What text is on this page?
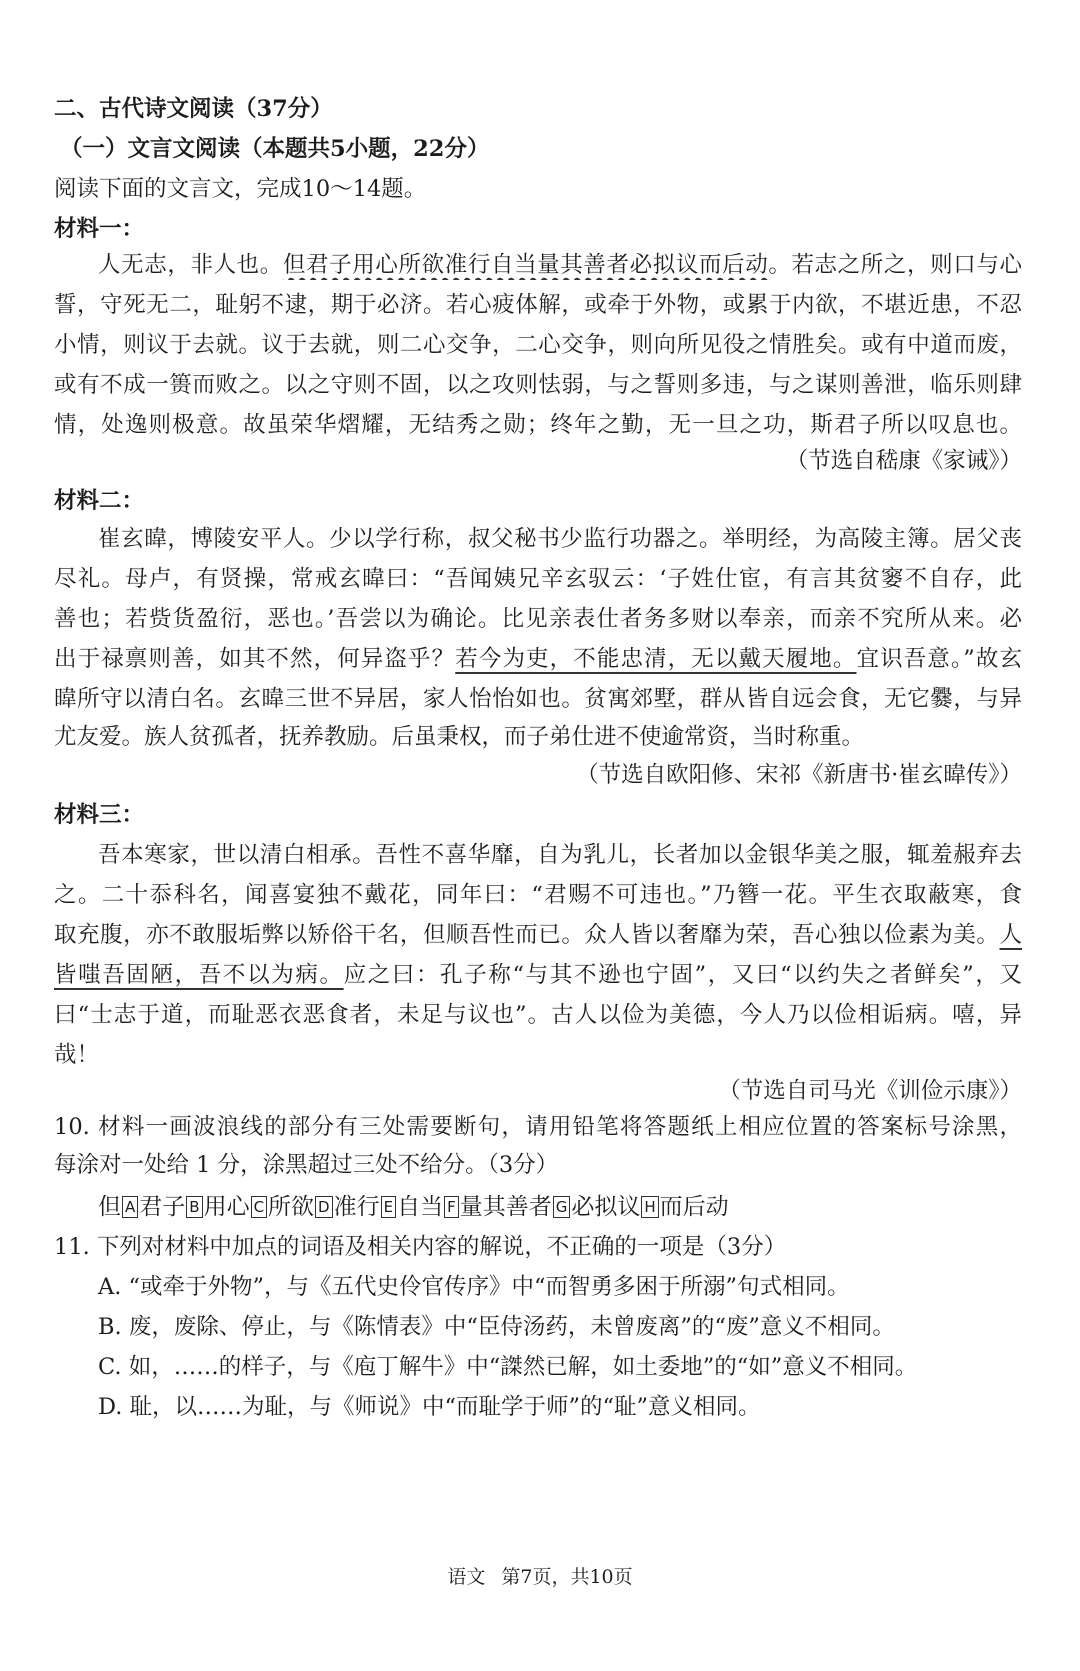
二、古代诗文阅读（37分）
（一）文言文阅读（本题共5小题，22分）
阅读下面的文言文，完成10～14题。
材料一：
人无志，非人也。但君子用心所欲准行自当量其善者必拟议而后动。若志之所之，则口与心
誓，守死无二，耻躬不逮，期于必济。若心疲体解，或牵于外物，或累于内欲，不堪近患，不忍
小情，则议于去就。议于去就，则二心交争，二心交争，则向所见役之情胜矣。或有中道而废，
或有不成一篑而败之。以之守则不固，以之攻则怯弱，与之誓则多违，与之谋则善泄，临乐则肆
情，处逸则极意。故虽荣华熠耀，无结秀之勋；终年之勤，无一旦之功，斯君子所以叹息也。
（节选自嵇康《家诫》）
材料二：
崔玄暐，博陵安平人。少以学行称，叔父秘书少监行功器之。举明经，为高陵主簿。居父丧
尽礼。母卢，有贤操，常戒玄暐曰：“吾闻姨兄辛玄驭云：‘子姓仕宦，有言其贫窭不自存，此
善也；若赀货盈衍，恶也。’吾尝以为确论。比见亲表仕者务多财以奉亲，而亲不究所从来。必
出于禄禀则善，如其不然，何异盗乎？若今为吏，不能忠清，无以戴天履地。宜识吾意。”故玄
暐所守以清白名。玄暐三世不异居，家人怡怡如也。贫寓郊墅，群从皆自远会食，无它爨，与异
尤友爱。族人贫孤者，抚养教励。后虽秉权，而子弟仕进不使逾常资，当时称重。
（节选自欧阳修、宋祁《新唐书·崔玄暐传》）
材料三：
吾本寒家，世以清白相承。吾性不喜华靡，自为乳儿，长者加以金银华美之服，辄羞赧弃去
之。二十忝科名，闻喜宴独不戴花，同年曰：“君赐不可违也。”乃簪一花。平生衣取蔽寒，食
取充腹，亦不敢服垢弊以矫俗干名，但顺吾性而已。众人皆以奢靡为荣，吾心独以俭素为美。人
皆嗤吾固陋，吾不以为病。应之曰：孔子称“与其不逊也宁固”，又曰“以约失之者鲜矣”，又
曰“士志于道，而耻恶衣恶食者，未足与议也”。古人以俭为美德，今人乃以俭相诟病。嘻，异
哉！
（节选自司马光《训俭示康》）
10. 材料一画波浪线的部分有三处需要断句，请用铅笔将答题纸上相应位置的答案标号涂黑，
每涂对一处给 1 分，涂黑超过三处不给分。（3分）
但 A 君子 B 用心 C 所欲 D 准行 E 自当 F 量其善者 G 必拟议 H 而后动
11. 下列对材料中加点的词语及相关内容的解说，不正确的一项是（3分）
A. “或牵于外物”，与《五代史伶官传序》中“而智勇多困于所溺”句式相同。
B. 废，废除、停止，与《陈情表》中“臣侍汤药，未曾废离”的“废”意义不相同。
C. 如，……的样子，与《庖丁解牛》中“謋然已解，如土委地”的“如”意义不相同。
D. 耻，以……为耻，与《师说》中“而耻学于师”的“耻”意义相同。
语文 第7页，共10页
